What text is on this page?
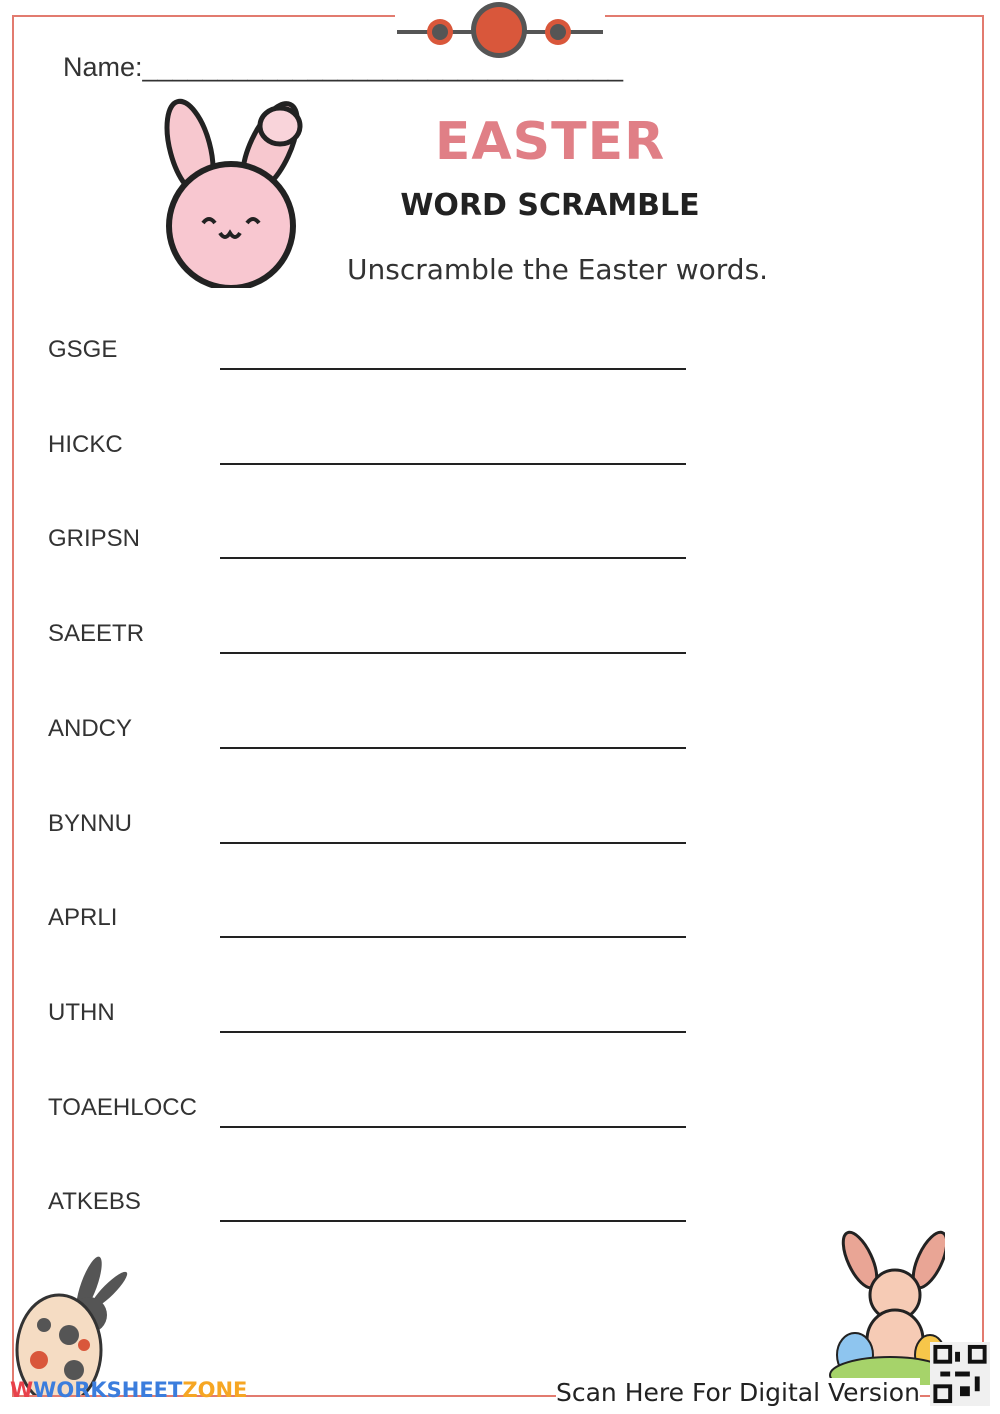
Name:________________________________
EASTER
WORD SCRAMBLE
Unscramble the Easter words.
GSGE
HICKC
GRIPSN
SAEETR
ANDCY
BYNNU
APRLI
UTHN
TOAEHLOCC
ATKEBS
WWORKSHEETZONE	Scan Here For Digital Version
